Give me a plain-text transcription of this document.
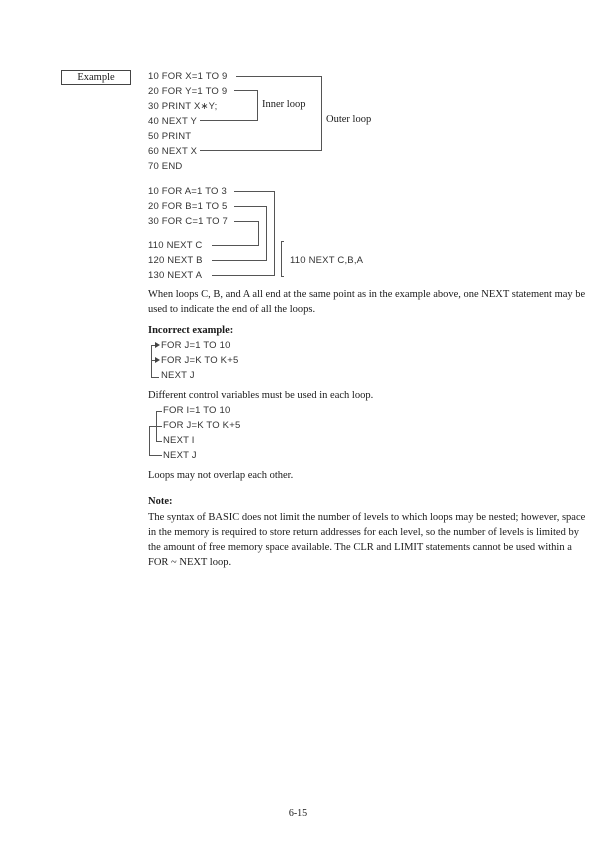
Example	10 FOR X=1 TO 9
20 FOR Y=1 TO 9
30 PRINT X∗Y;
40 NEXT Y
50 PRINT
60 NEXT X
70 END
Inner loop
Outer loop
10 FOR A=1 TO 3
20 FOR B=1 TO 5
30 FOR C=1 TO 7
110 NEXT C
120 NEXT B
130 NEXT A
110 NEXT C,B,A
When loops C, B, and A all end at the same point as in the example above, one NEXT statement may be used to indicate the end of all the loops.
Incorrect example:
FOR J=1 TO 10
FOR J=K TO K+5
NEXT J
Different control variables must be used in each loop.
FOR I=1 TO 10
FOR J=K TO K+5
NEXT I
NEXT J
Loops may not overlap each other.
Note:
The syntax of BASIC does not limit the number of levels to which loops may be nested; however, space in the memory is required to store return addresses for each level, so the number of levels is limited by the amount of free memory space available. The CLR and LIMIT statements cannot be used within a FOR ~ NEXT loop.
6-15
